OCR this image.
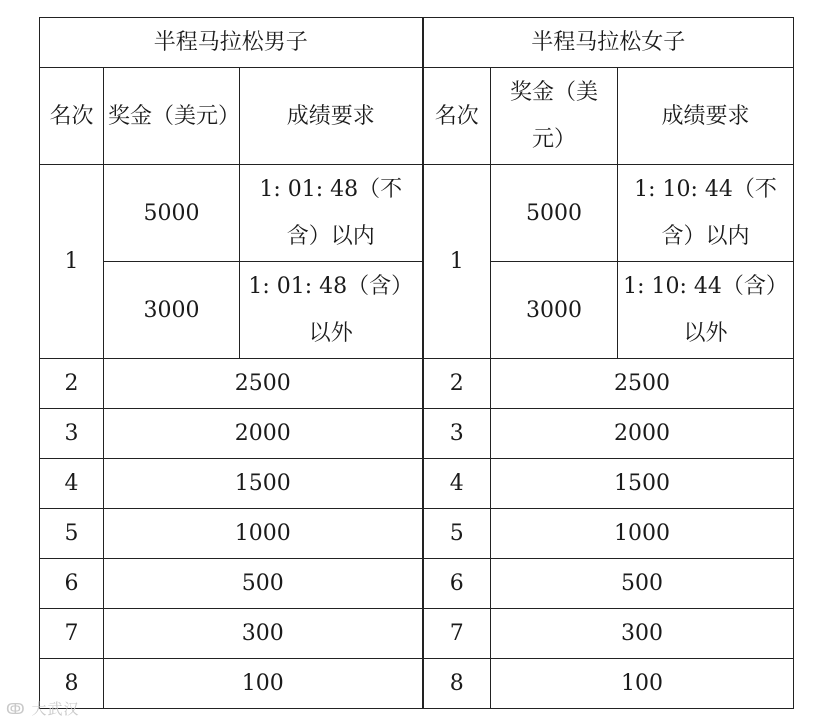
半程马拉松男子			半程马拉松女子		
名次	奖金（美元）	成绩要求	名次	奖金（美元）	成绩要求
1	5000	1: 01: 48（不含）以内	1	5000	1: 10: 44（不含）以内
	3000	1: 01: 48（含）以外		3000	1: 10: 44（含）以外
2	2500		2	2500	
3	2000		3	2000	
4	1500		4	1500	
5	1000		5	1000	
6	500		6	500	
7	300		7	300	
8	100		8	100	
ↂ 大武汉
